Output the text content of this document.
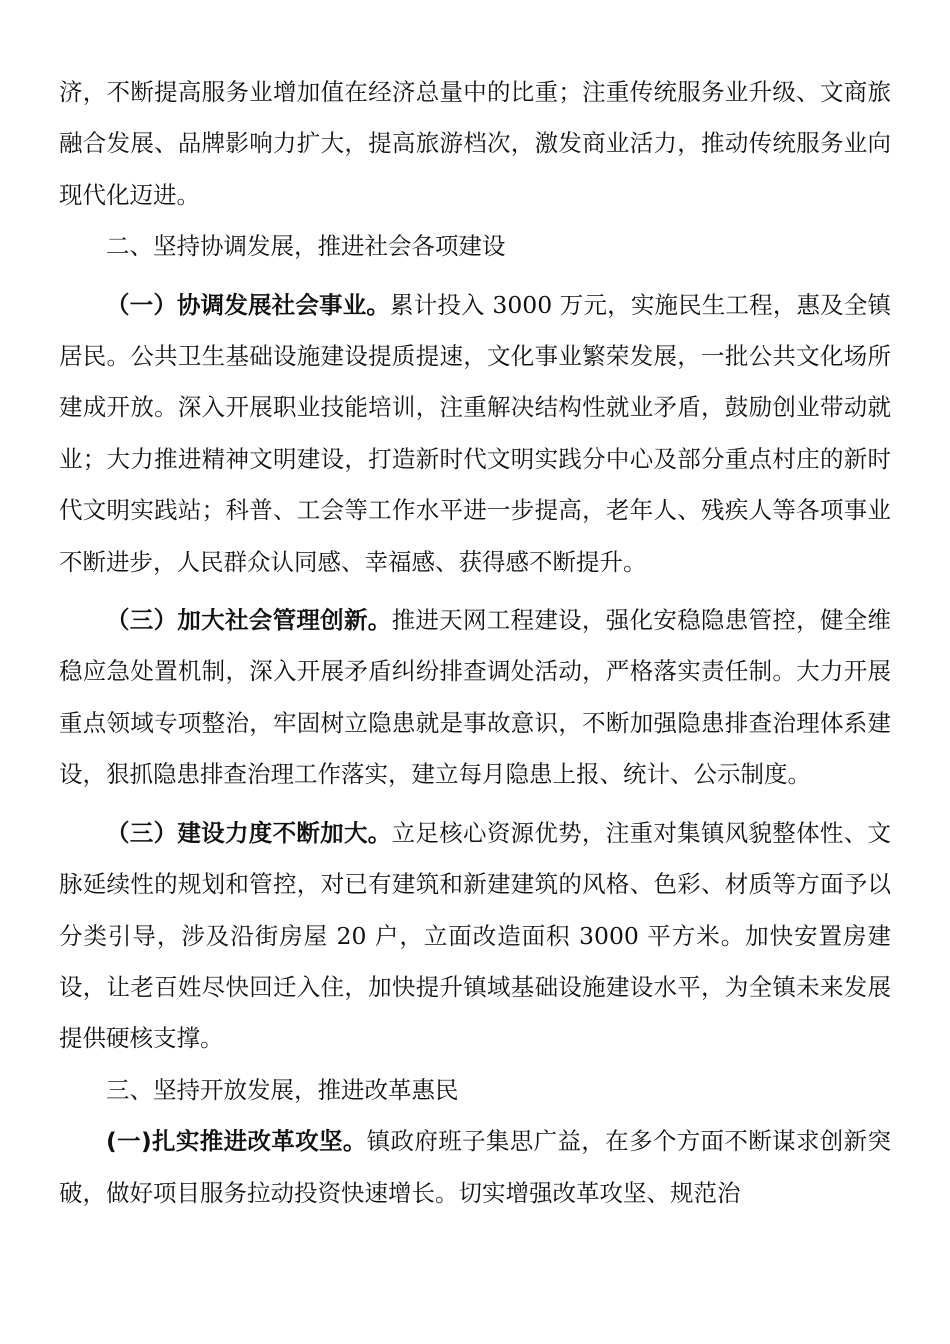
济，不断提高服务业增加值在经济总量中的比重；注重传统服务业升级、文商旅融合发展、品牌影响力扩大，提高旅游档次，激发商业活力，推动传统服务业向现代化迈进。

二、坚持协调发展，推进社会各项建设

（一）协调发展社会事业。累计投入 3000 万元，实施民生工程，惠及全镇居民。公共卫生基础设施建设提质提速，文化事业繁荣发展，一批公共文化场所建成开放。深入开展职业技能培训，注重解决结构性就业矛盾，鼓励创业带动就业；大力推进精神文明建设，打造新时代文明实践分中心及部分重点村庄的新时代文明实践站；科普、工会等工作水平进一步提高，老年人、残疾人等各项事业不断进步，人民群众认同感、幸福感、获得感不断提升。

（三）加大社会管理创新。推进天网工程建设，强化安稳隐患管控，健全维稳应急处置机制，深入开展矛盾纠纷排查调处活动，严格落实责任制。大力开展重点领域专项整治，牢固树立隐患就是事故意识，不断加强隐患排查治理体系建设，狠抓隐患排查治理工作落实，建立每月隐患上报、统计、公示制度。

（三）建设力度不断加大。立足核心资源优势，注重对集镇风貌整体性、文脉延续性的规划和管控，对已有建筑和新建建筑的风格、色彩、材质等方面予以分类引导，涉及沿街房屋 20 户，立面改造面积 3000 平方米。加快安置房建设，让老百姓尽快回迁入住，加快提升镇域基础设施建设水平，为全镇未来发展提供硬核支撑。

三、坚持开放发展，推进改革惠民

(一)扎实推进改革攻坚。镇政府班子集思广益，在多个方面不断谋求创新突破，做好项目服务拉动投资快速增长。切实增强改革攻坚、规范治
